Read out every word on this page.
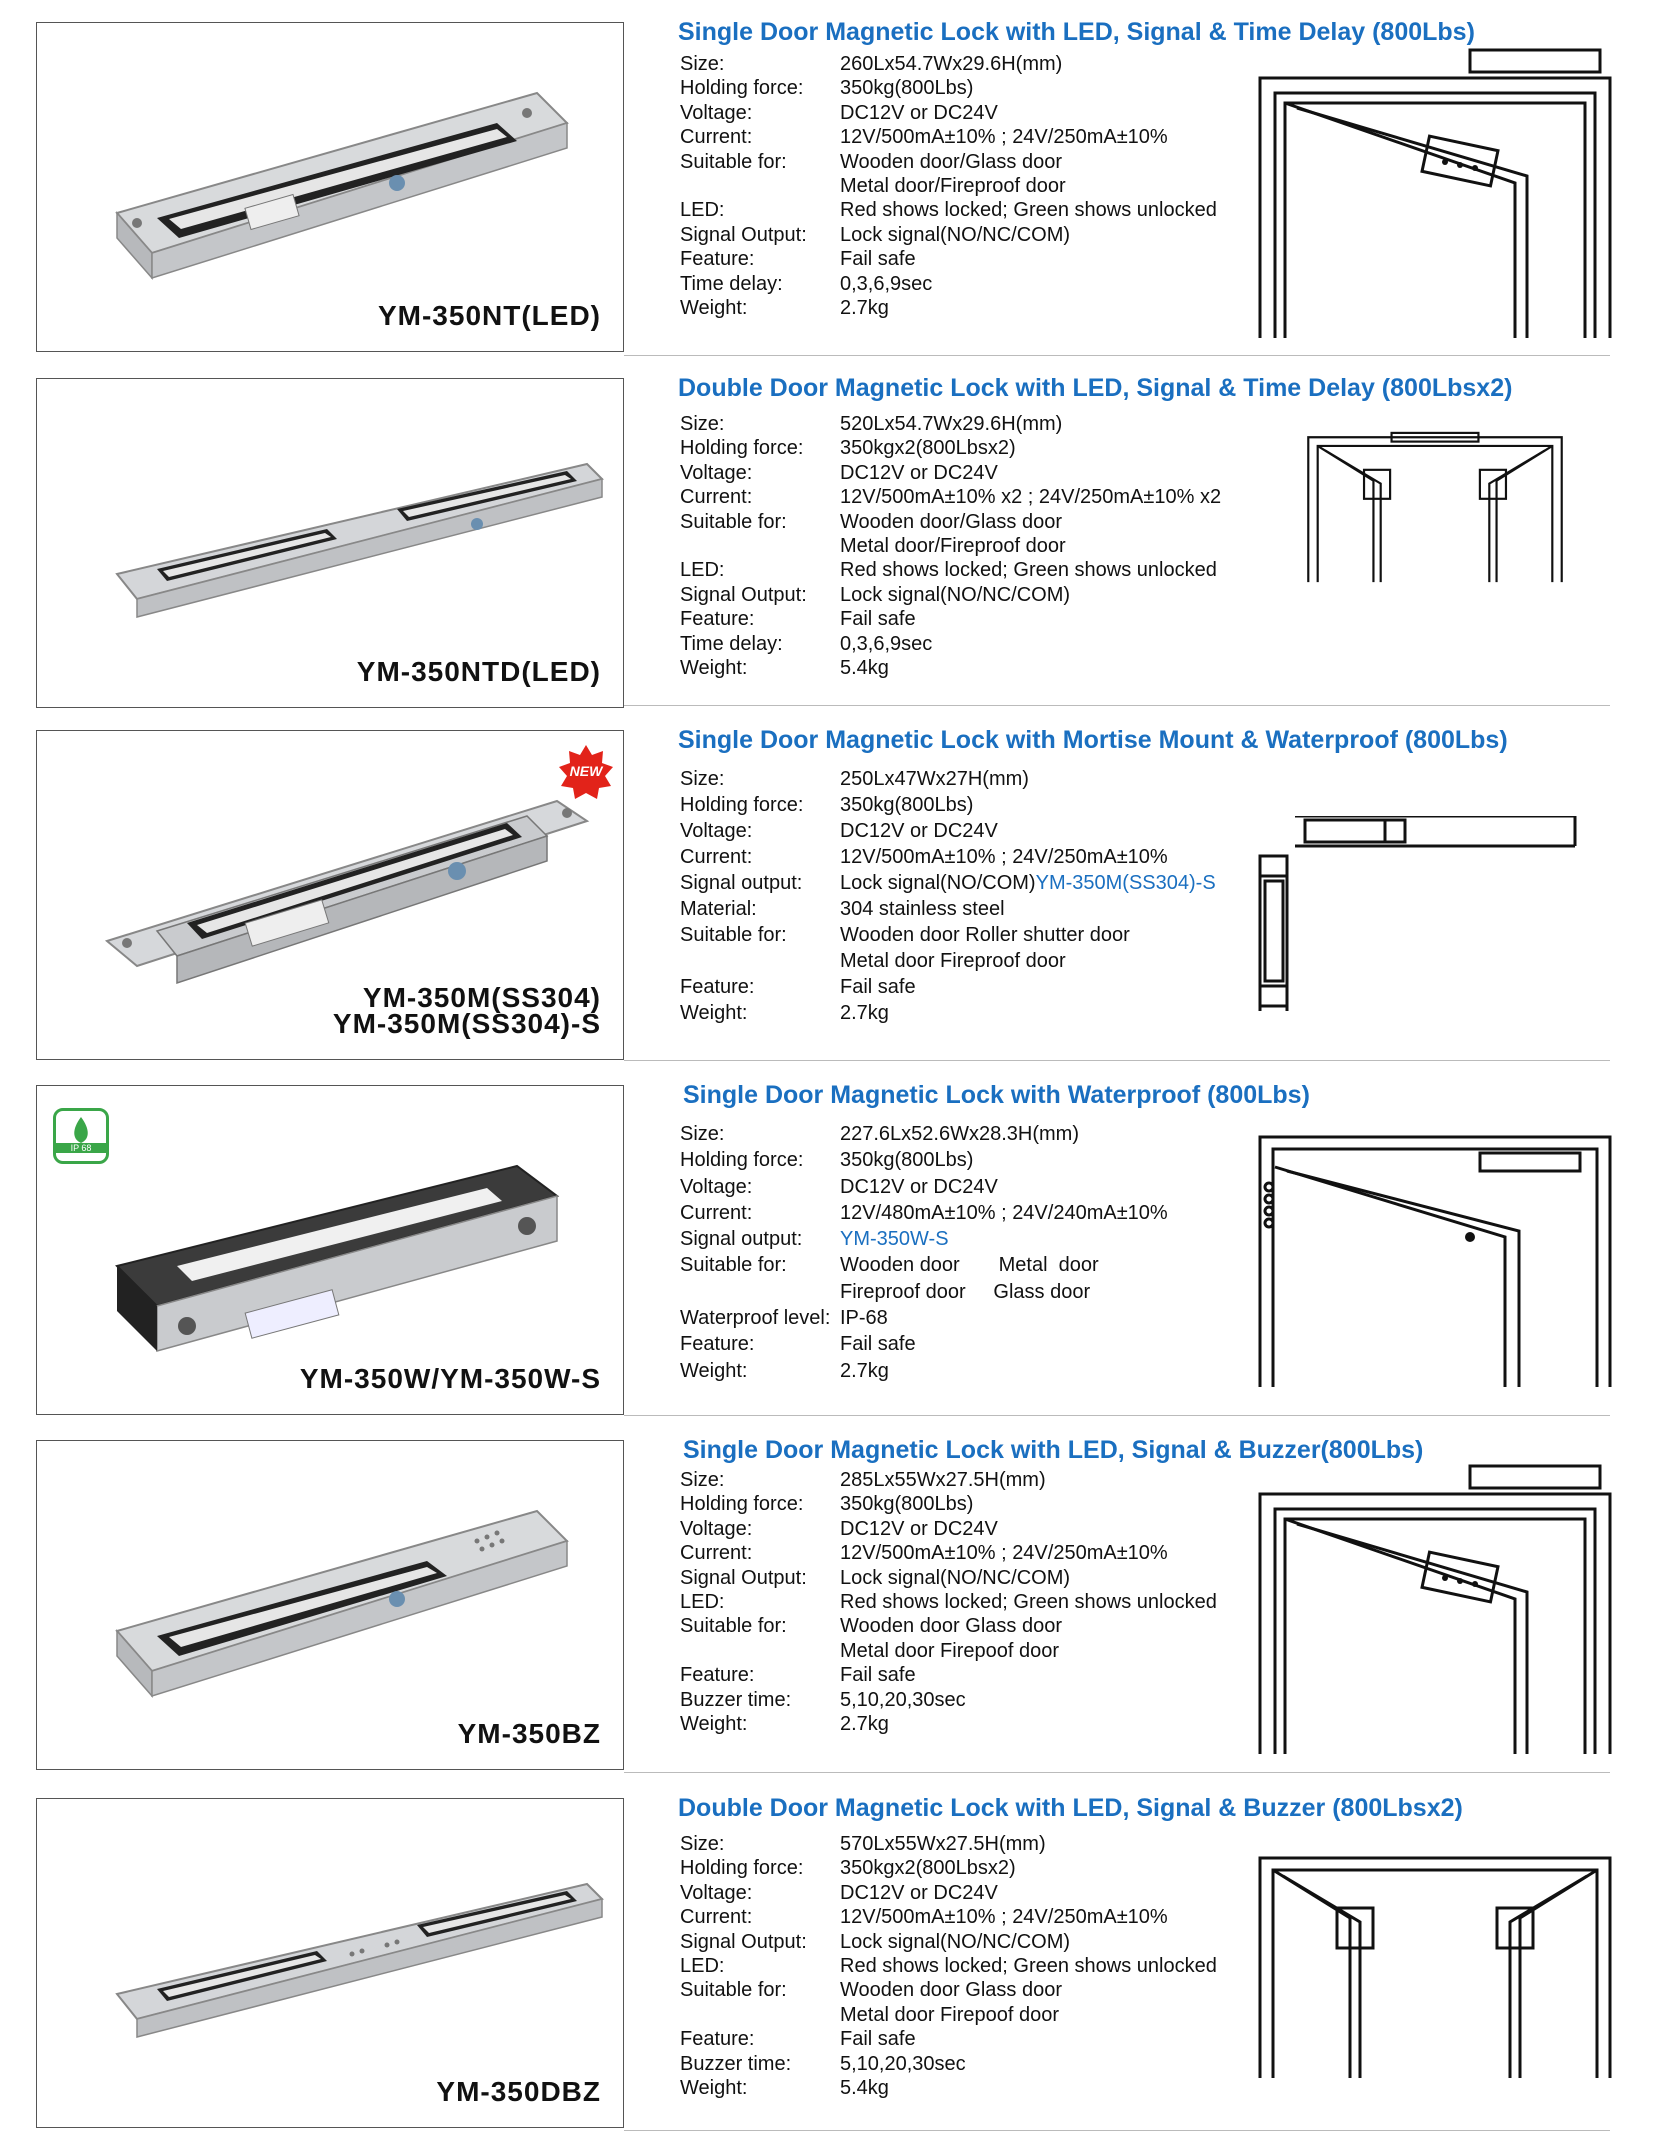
YM-350NT(LED)
Single Door Magnetic Lock with LED, Signal & Time Delay (800Lbs)
Size:	260Lx54.7Wx29.6H(mm)
Holding force:	350kg(800Lbs)
Voltage:	DC12V or DC24V
Current:	12V/500mA±10% ; 24V/250mA±10%
Suitable for:	Wooden door/Glass door
Metal door/Fireproof door
LED:	Red shows locked; Green shows unlocked
Signal Output:	Lock signal(NO/NC/COM)
Feature:	Fail safe
Time delay:	0,3,6,9sec
Weight:	2.7kg
YM-350NTD(LED)
Double Door Magnetic Lock with LED, Signal & Time Delay (800Lbsx2)
Size:	520Lx54.7Wx29.6H(mm)
Holding force:	350kgx2(800Lbsx2)
Voltage:	DC12V or DC24V
Current:	12V/500mA±10% x2 ; 24V/250mA±10% x2
Suitable for:	Wooden door/Glass door
Metal door/Fireproof door
LED:	Red shows locked; Green shows unlocked
Signal Output:	Lock signal(NO/NC/COM)
Feature:	Fail safe
Time delay:	0,3,6,9sec
Weight:	5.4kg
NEW
YM-350M(SS304)
YM-350M(SS304)-S
Single Door Magnetic Lock with Mortise Mount & Waterproof (800Lbs)
Size:	250Lx47Wx27H(mm)
Holding force:	350kg(800Lbs)
Voltage:	DC12V or DC24V
Current:	12V/500mA±10% ; 24V/250mA±10%
Signal output:	Lock signal(NO/COM)YM-350M(SS304)-S
Material:	304 stainless steel
Suitable for:	Wooden door Roller shutter door
Metal door Fireproof door
Feature:	Fail safe
Weight:	2.7kg
IP 68
YM-350W/YM-350W-S
Single Door Magnetic Lock with Waterproof (800Lbs)
Size:	227.6Lx52.6Wx28.3H(mm)
Holding force:	350kg(800Lbs)
Voltage:	DC12V or DC24V
Current:	12V/480mA±10% ; 24V/240mA±10%
Signal output:	YM-350W-S
Suitable for:	Wooden door       Metal  door
Fireproof door     Glass door
Waterproof level: IP-68
Feature:	Fail safe
Weight:	2.7kg
YM-350BZ
Single Door Magnetic Lock with LED, Signal & Buzzer(800Lbs)
Size:	285Lx55Wx27.5H(mm)
Holding force:	350kg(800Lbs)
Voltage:	DC12V or DC24V
Current:	12V/500mA±10% ; 24V/250mA±10%
Signal Output:	Lock signal(NO/NC/COM)
LED:	Red shows locked; Green shows unlocked
Suitable for:	Wooden door Glass door
Metal door Firepoof door
Feature:	Fail safe
Buzzer time:	5,10,20,30sec
Weight:	2.7kg
YM-350DBZ
Double Door Magnetic Lock with LED, Signal & Buzzer (800Lbsx2)
Size:	570Lx55Wx27.5H(mm)
Holding force:	350kgx2(800Lbsx2)
Voltage:	DC12V or DC24V
Current:	12V/500mA±10% ; 24V/250mA±10%
Signal Output:	Lock signal(NO/NC/COM)
LED:	Red shows locked; Green shows unlocked
Suitable for:	Wooden door Glass door
Metal door Firepoof door
Feature:	Fail safe
Buzzer time:	5,10,20,30sec
Weight:	5.4kg
